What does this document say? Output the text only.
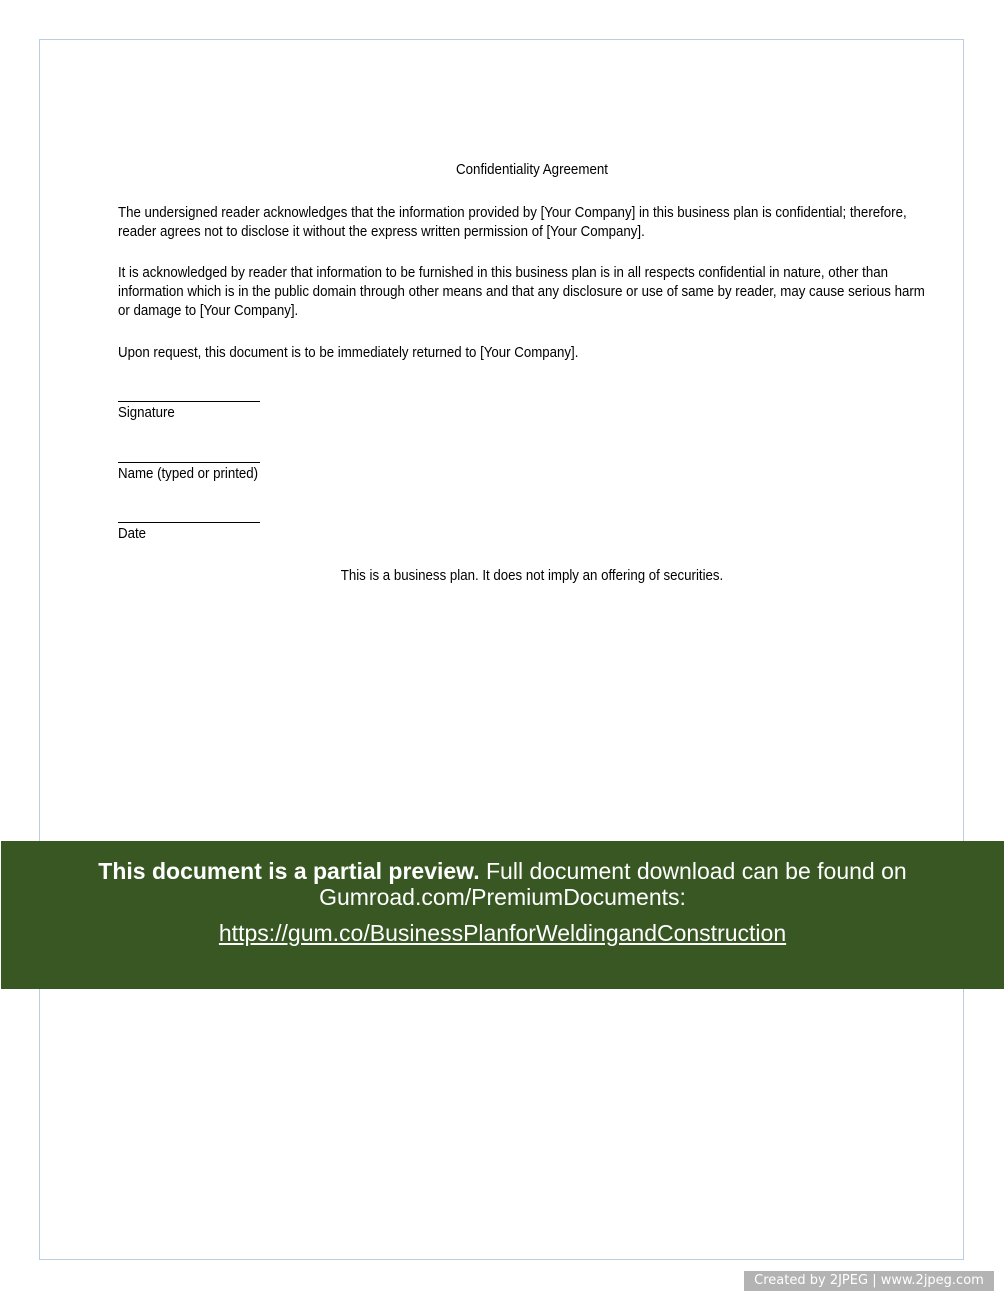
Confidentiality Agreement

The undersigned reader acknowledges that the information provided by [Your Company] in this business plan is confidential; therefore,
reader agrees not to disclose it without the express written permission of [Your Company].

It is acknowledged by reader that information to be furnished in this business plan is in all respects confidential in nature, other than
information which is in the public domain through other means and that any disclosure or use of same by reader, may cause serious harm
or damage to [Your Company].

Upon request, this document is to be immediately returned to [Your Company].

Signature
Name (typed or printed)
Date
This is a business plan. It does not imply an offering of securities.
This document is a partial preview. Full document download can be found on
Gumroad.com/PremiumDocuments:
https://gum.co/BusinessPlanforWeldingandConstruction
Created by 2JPEG | www.2jpeg.com
